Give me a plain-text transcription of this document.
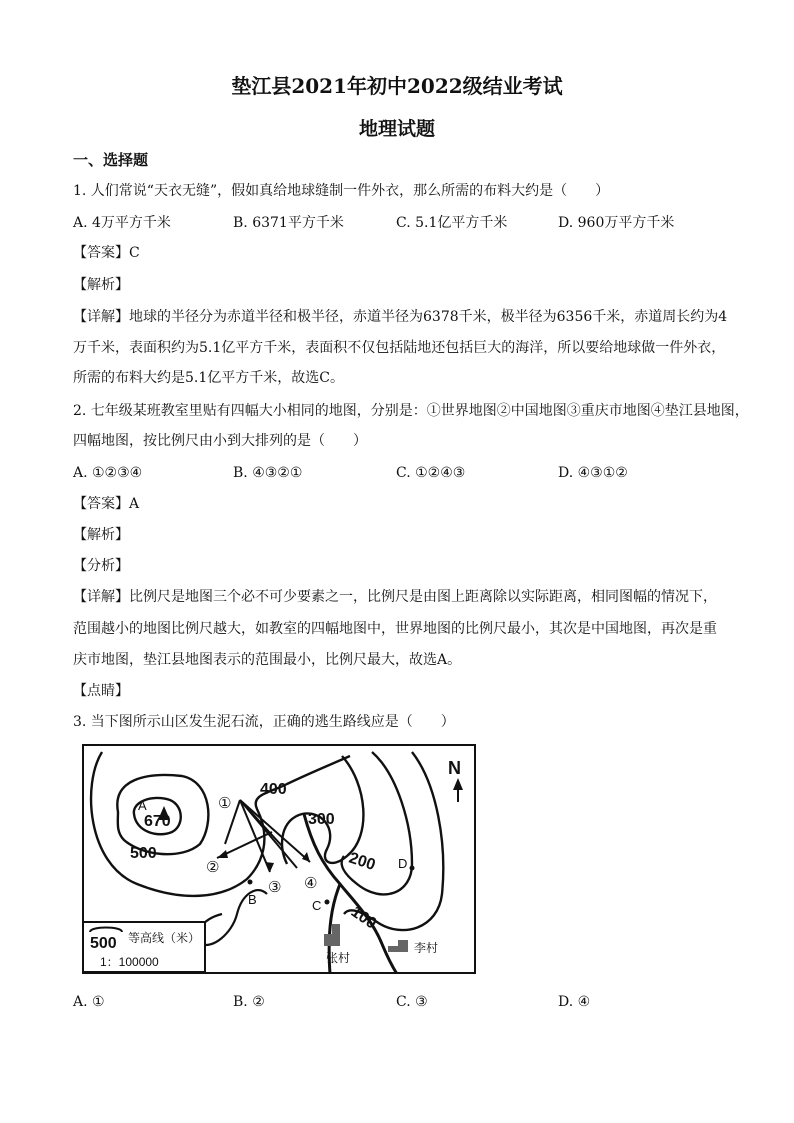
垫江县2021年初中2022级结业考试
地理试题
一、选择题
1. 人们常说“天衣无缝”，假如真给地球缝制一件外衣，那么所需的布料大约是（　　）
A. 4万平方千米	B. 6371平方千米	C. 5.1亿平方千米	D. 960万平方千米
【答案】C
【解析】
【详解】地球的半径分为赤道半径和极半径，赤道半径为6378千米，极半径为6356千米，赤道周长约为4
万千米，表面积约为5.1亿平方千米，表面积不仅包括陆地还包括巨大的海洋，所以要给地球做一件外衣，
所需的布料大约是5.1亿平方千米，故选C。
2. 七年级某班教室里贴有四幅大小相同的地图，分别是：①世界地图②中国地图③重庆市地图④垫江县地图，
四幅地图，按比例尺由小到大排列的是（　　）
A. ①②③④	B. ④③②①	C. ①②④③	D. ④③①②
【答案】A
【解析】
【分析】
【详解】比例尺是地图三个必不可少要素之一，比例尺是由图上距离除以实际距离，相同图幅的情况下，
范围越小的地图比例尺越大，如教室的四幅地图中，世界地图的比例尺最小，其次是中国地图，再次是重
庆市地图，垫江县地图表示的范围最小，比例尺最大，故选A。
【点睛】
3. 当下图所示山区发生泥石流，正确的逃生路线应是（　　）
A
670
500
400
300
200
100
①
②
③ ④
B	C
D
N
张村
李村
500 等高线（米）
1：100000
A. ①	B. ②	C. ③	D. ④
